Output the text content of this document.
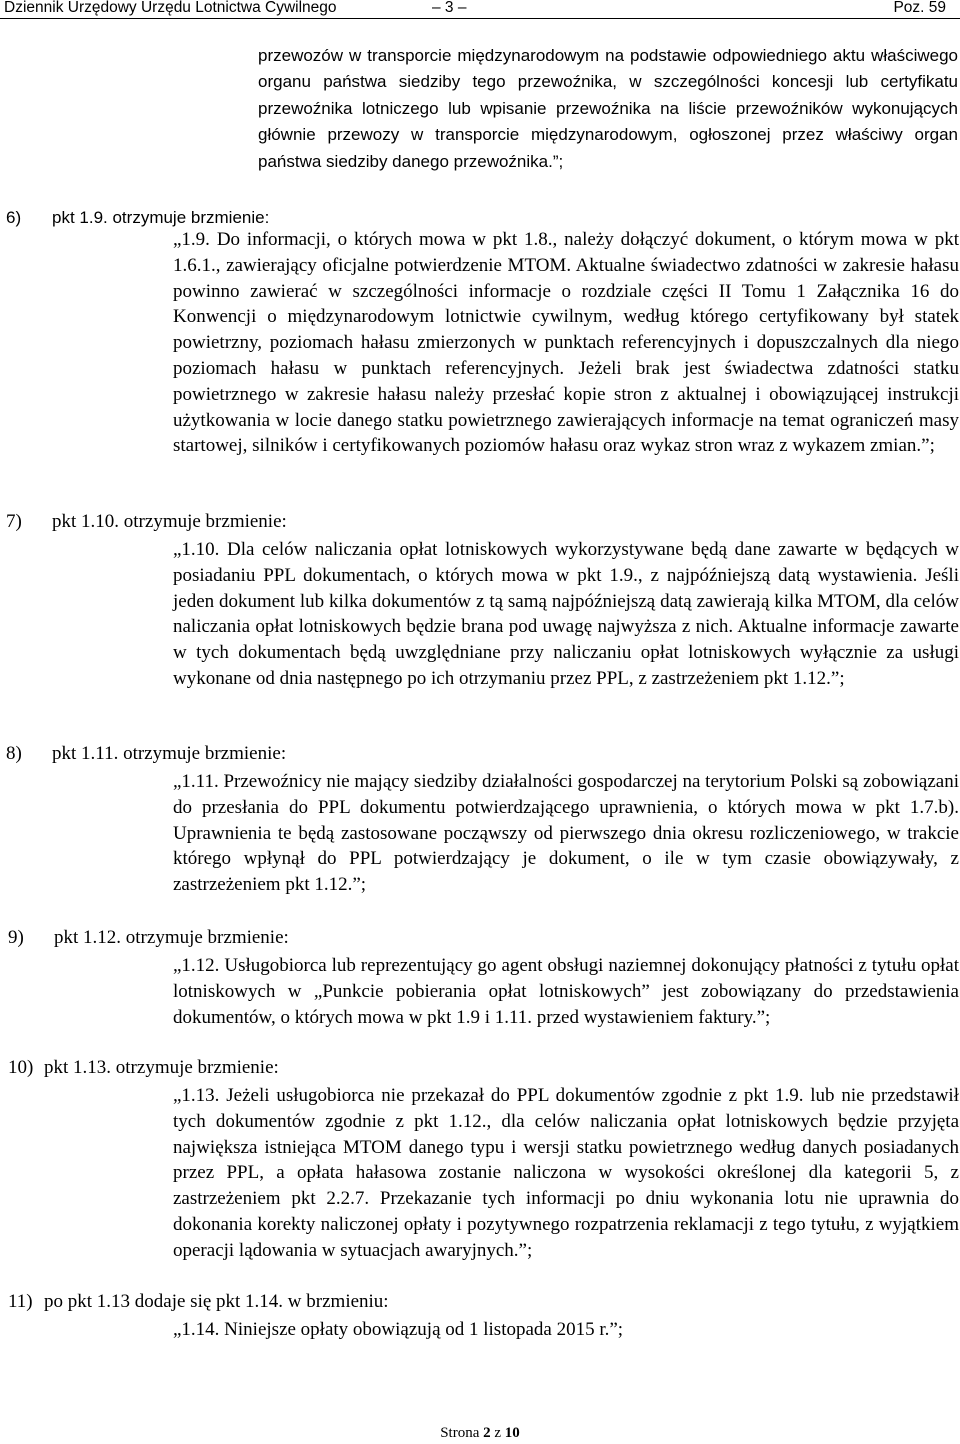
Dziennik Urzędowy Urzędu Lotnictwa Cywilnego	– 3 –	Poz. 59
przewozów w transporcie międzynarodowym na podstawie odpowiedniego aktu właściwego organu państwa siedziby tego przewoźnika, w szczególności koncesji lub certyfikatu przewoźnika lotniczego lub wpisanie przewoźnika na liście przewoźników wykonujących głównie przewozy w transporcie międzynarodowym, ogłoszonej przez właściwy organ państwa siedziby danego przewoźnika.”;
6) pkt 1.9. otrzymuje brzmienie:
„1.9. Do informacji, o których mowa w pkt 1.8., należy dołączyć dokument, o którym mowa w pkt 1.6.1., zawierający oficjalne potwierdzenie MTOM. Aktualne świadectwo zdatności w zakresie hałasu powinno zawierać w szczególności informacje o rozdziale części II Tomu 1 Załącznika 16 do Konwencji o międzynarodowym lotnictwie cywilnym, według którego certyfikowany był statek powietrzny, poziomach hałasu zmierzonych w punktach referencyjnych i dopuszczalnych dla niego poziomach hałasu w punktach referencyjnych. Jeżeli brak jest świadectwa zdatności statku powietrznego w zakresie hałasu należy przesłać kopie stron z aktualnej i obowiązującej instrukcji użytkowania w locie danego statku powietrznego zawierających informacje na temat ograniczeń masy startowej, silników i certyfikowanych poziomów hałasu oraz wykaz stron wraz z wykazem zmian.”;
7) pkt 1.10. otrzymuje brzmienie:
„1.10. Dla celów naliczania opłat lotniskowych wykorzystywane będą dane zawarte w będących w posiadaniu PPL dokumentach, o których mowa w pkt 1.9., z najpóźniejszą datą wystawienia. Jeśli jeden dokument lub kilka dokumentów z tą samą najpóźniejszą datą zawierają kilka MTOM, dla celów naliczania opłat lotniskowych będzie brana pod uwagę najwyższa z nich. Aktualne informacje zawarte w tych dokumentach będą uwzględniane przy naliczaniu opłat lotniskowych wyłącznie za usługi wykonane od dnia następnego po ich otrzymaniu przez PPL, z zastrzeżeniem pkt 1.12.”;
8) pkt 1.11. otrzymuje brzmienie:
„1.11. Przewoźnicy nie mający siedziby działalności gospodarczej na terytorium Polski są zobowiązani do przesłania do PPL dokumentu potwierdzającego uprawnienia, o których mowa w pkt 1.7.b). Uprawnienia te będą zastosowane począwszy od pierwszego dnia okresu rozliczeniowego, w trakcie którego wpłynął do PPL potwierdzający je dokument, o ile w tym czasie obowiązywały, z zastrzeżeniem pkt 1.12.”;
9) pkt 1.12. otrzymuje brzmienie:
„1.12. Usługobiorca lub reprezentujący go agent obsługi naziemnej dokonujący płatności z tytułu opłat lotniskowych w „Punkcie pobierania opłat lotniskowych” jest zobowiązany do przedstawienia dokumentów, o których mowa w pkt 1.9 i 1.11. przed wystawieniem faktury.”;
10) pkt 1.13. otrzymuje brzmienie:
„1.13. Jeżeli usługobiorca nie przekazał do PPL dokumentów zgodnie z pkt 1.9. lub nie przedstawił tych dokumentów zgodnie z pkt 1.12., dla celów naliczania opłat lotniskowych będzie przyjęta największa istniejąca MTOM danego typu i wersji statku powietrznego według danych posiadanych przez PPL, a opłata hałasowa zostanie naliczona w wysokości określonej dla kategorii 5, z zastrzeżeniem pkt 2.2.7. Przekazanie tych informacji po dniu wykonania lotu nie uprawnia do dokonania korekty naliczonej opłaty i pozytywnego rozpatrzenia reklamacji z tego tytułu, z wyjątkiem operacji lądowania w sytuacjach awaryjnych.”;
11) po pkt 1.13 dodaje się pkt 1.14. w brzmieniu:
„1.14. Niniejsze opłaty obowiązują od 1 listopada 2015 r.”;
Strona 2 z 10
